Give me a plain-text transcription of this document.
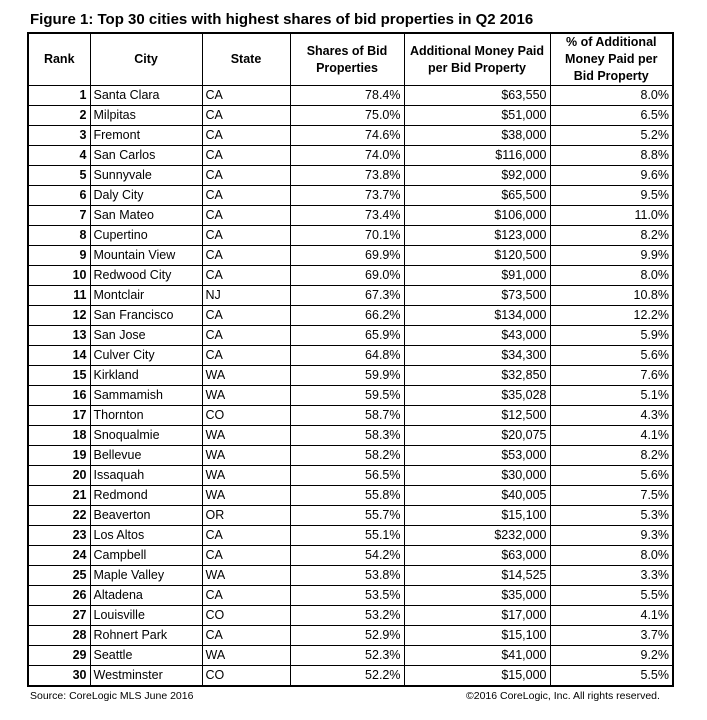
Figure 1: Top 30 cities with highest shares of bid properties in Q2 2016
Rank	City	State	Shares of Bid Properties	Additional Money Paid per Bid Property	% of Additional Money Paid per Bid Property
1	Santa Clara	CA	78.4%	$63,550	8.0%
2	Milpitas	CA	75.0%	$51,000	6.5%
3	Fremont	CA	74.6%	$38,000	5.2%
4	San Carlos	CA	74.0%	$116,000	8.8%
5	Sunnyvale	CA	73.8%	$92,000	9.6%
6	Daly City	CA	73.7%	$65,500	9.5%
7	San Mateo	CA	73.4%	$106,000	11.0%
8	Cupertino	CA	70.1%	$123,000	8.2%
9	Mountain View	CA	69.9%	$120,500	9.9%
10	Redwood City	CA	69.0%	$91,000	8.0%
11	Montclair	NJ	67.3%	$73,500	10.8%
12	San Francisco	CA	66.2%	$134,000	12.2%
13	San Jose	CA	65.9%	$43,000	5.9%
14	Culver City	CA	64.8%	$34,300	5.6%
15	Kirkland	WA	59.9%	$32,850	7.6%
16	Sammamish	WA	59.5%	$35,028	5.1%
17	Thornton	CO	58.7%	$12,500	4.3%
18	Snoqualmie	WA	58.3%	$20,075	4.1%
19	Bellevue	WA	58.2%	$53,000	8.2%
20	Issaquah	WA	56.5%	$30,000	5.6%
21	Redmond	WA	55.8%	$40,005	7.5%
22	Beaverton	OR	55.7%	$15,100	5.3%
23	Los Altos	CA	55.1%	$232,000	9.3%
24	Campbell	CA	54.2%	$63,000	8.0%
25	Maple Valley	WA	53.8%	$14,525	3.3%
26	Altadena	CA	53.5%	$35,000	5.5%
27	Louisville	CO	53.2%	$17,000	4.1%
28	Rohnert Park	CA	52.9%	$15,100	3.7%
29	Seattle	WA	52.3%	$41,000	9.2%
30	Westminster	CO	52.2%	$15,000	5.5%
Source: CoreLogic MLS June 2016	©2016 CoreLogic, Inc. All rights reserved.
